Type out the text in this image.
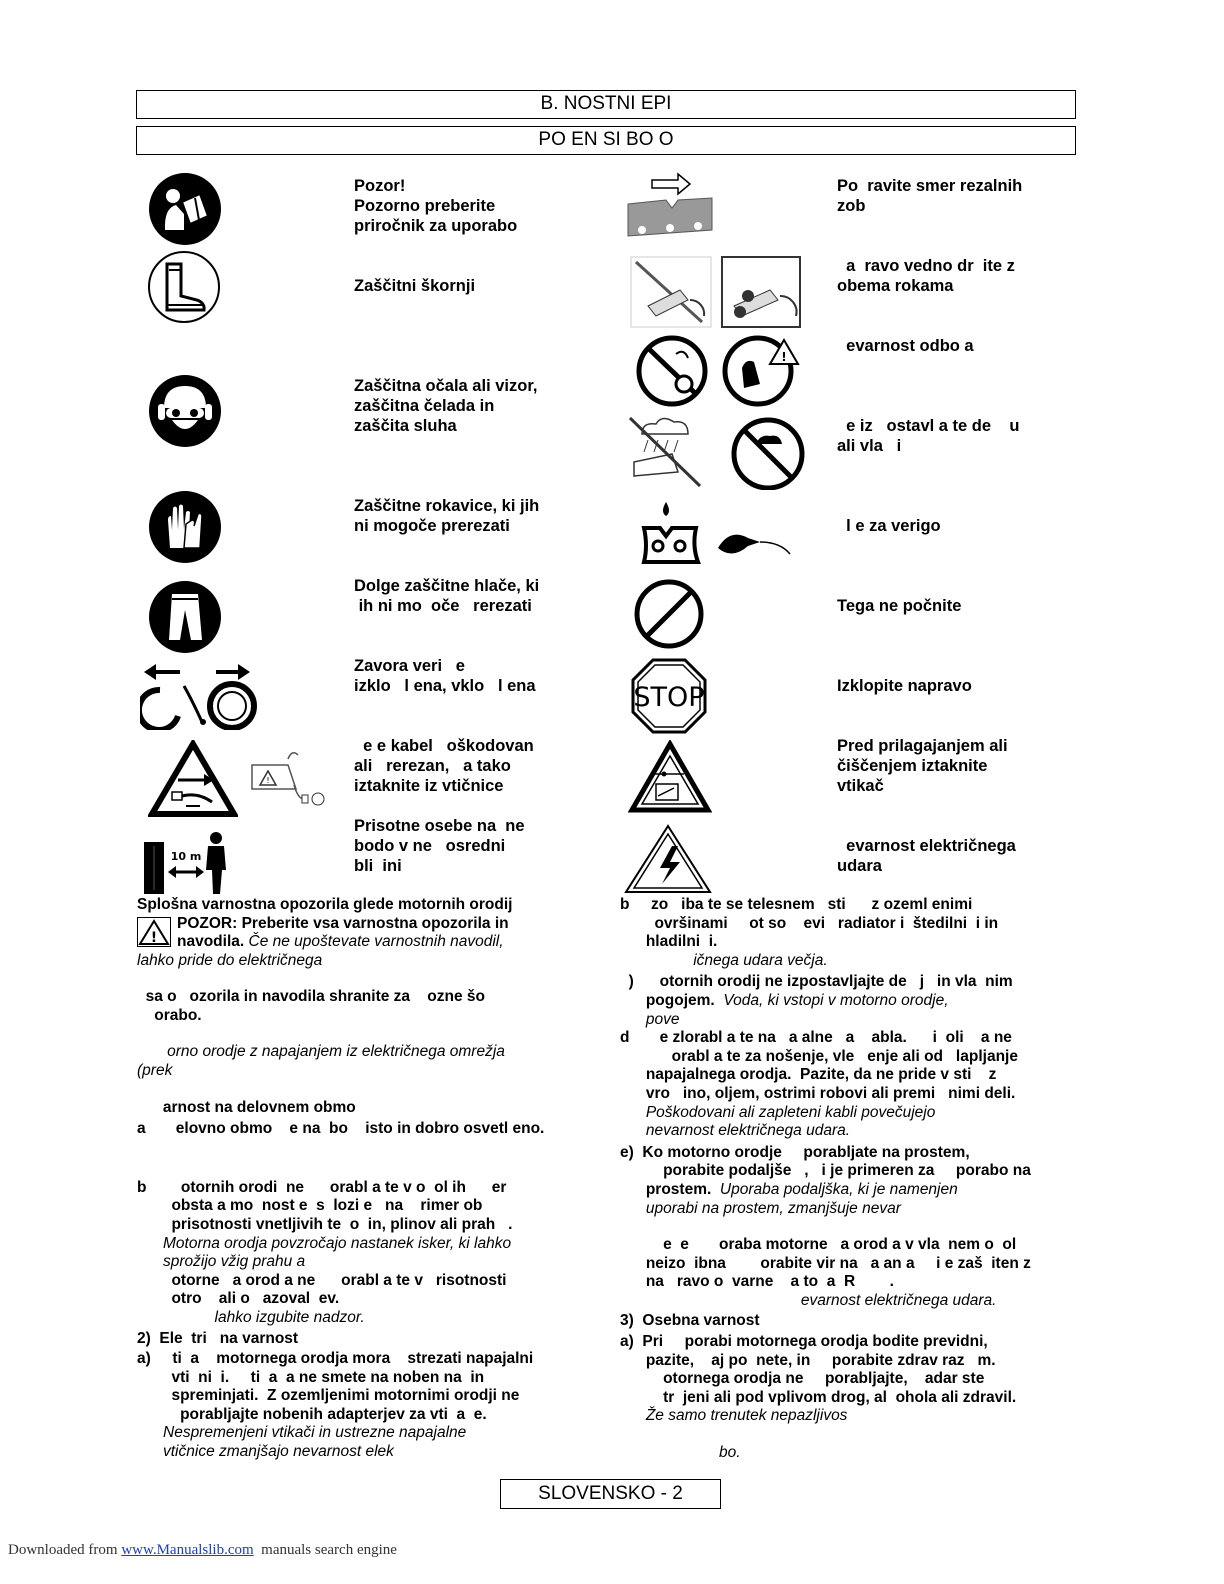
B. NOSTNI EPI
PO EN SI BO O
Pozor!
Pozorno preberite
priročnik za uporabo
Zaščitni škornji
Zaščitna očala ali vizor,
zaščitna čelada in
zaščita sluha
Zaščitne rokavice, ki jih
ni mogoče prerezati
Dolge zaščitne hlače, ki
ih ni mo  oče   rerezati
Zavora veri   e
izklo   l ena, vklo   l ena
!
e e kabel   oškodovan
ali   rerezan,   a tako
iztaknite iz vtičnice
10 m
Prisotne osebe na  ne
bodo v ne   osredni
bli  ini
Po  ravite smer rezalnih
zob
a  ravo vedno dr  ite z
obema rokama
!
evarnost odbo a
e iz   ostavl a te de    u
ali vla   i
l e za verigo
Tega ne počnite
STOP	Izklopite napravo
Pred prilagajanjem ali
čiščenjem iztaknite
vtikač
evarnost električnega
udara

Splošna varnostna opozorila glede motornih orodij

!

POZOR: Preberite vsa varnostna opozorila in

navodila. Če ne upoštevate varnostnih navodil,

lahko pride do električnega

sa o   ozorila in navodila shranite za    ozne šo

orabo.

orno orodje z napajanjem iz električnega omrežja

(prek

arnost na delovnem obmo

a       elovno obmo    e na  bo    isto in dobro osvetl eno.

b        otornih orodi  ne      orabl a te v o  ol ih      er

obsta a mo  nost e  s  lozi e   na    rimer ob

prisotnosti vnetljivih te  o  in, plinov ali prah   .

Motorna orodja povzročajo nastanek isker, ki lahko

sprožijo vžig prahu a

otorne   a orod a ne      orabl a te v   risotnosti

otro    ali o   azoval  ev.

lahko izgubite nadzor.

2)  Ele  tri   na varnost

a)     ti  a    motornega orodja mora    strezati napajalni

vti  ni  i.     ti  a  a ne smete na noben na  in

spreminjati.  Z ozemljenimi motornimi orodji ne

porabljajte nobenih adapterjev za vti  a  e.

Nespremenjeni vtikači in ustrezne napajalne

vtičnice zmanjšajo nevarnost elek

b     zo   iba te se telesnem   sti      z ozeml enimi

ovršinami     ot so    evi   radiator i  štedilni  i in

hladilni  i.

ičnega udara večja.

)      otornih orodij ne izpostavljajte de   j   in vla  nim

pogojem.  Voda, ki vstopi v motorno orodje,

pove

d       e zlorabl a te na   a alne   a    abla.      i  oli    a ne

orabl a te za nošenje, vle   enje ali od   lapljanje

napajalnega orodja.  Pazite, da ne pride v sti    z

vro   ino, oljem, ostrimi robovi ali premi   nimi deli.

Poškodovani ali zapleteni kabli povečujejo

nevarnost električnega udara.

e)  Ko motorno orodje     porabljate na prostem,

porabite podaljše   ,   i je primeren za     porabo na

prostem.  Uporaba podaljška, ki je namenjen

uporabi na prostem, zmanjšuje nevar

e  e       oraba motorne   a orod a v vla  nem o  ol

neizo  ibna        orabite vir na   a an a     i e zaš  iten z

na   ravo o  varne    a to  a  R        .

evarnost električnega udara.

3)  Osebna varnost

a)  Pri     porabi motornega orodja bodite previdni,

pazite,    aj po  nete, in     porabite zdrav raz   m.

otornega orodja ne     porabljajte,    adar ste

tr  jeni ali pod vplivom drog, al  ohola ali zdravil.

Že samo trenutek nepazljivos

bo.

SLOVENSKO - 2
Downloaded from www.Manualslib.com  manuals search engine
